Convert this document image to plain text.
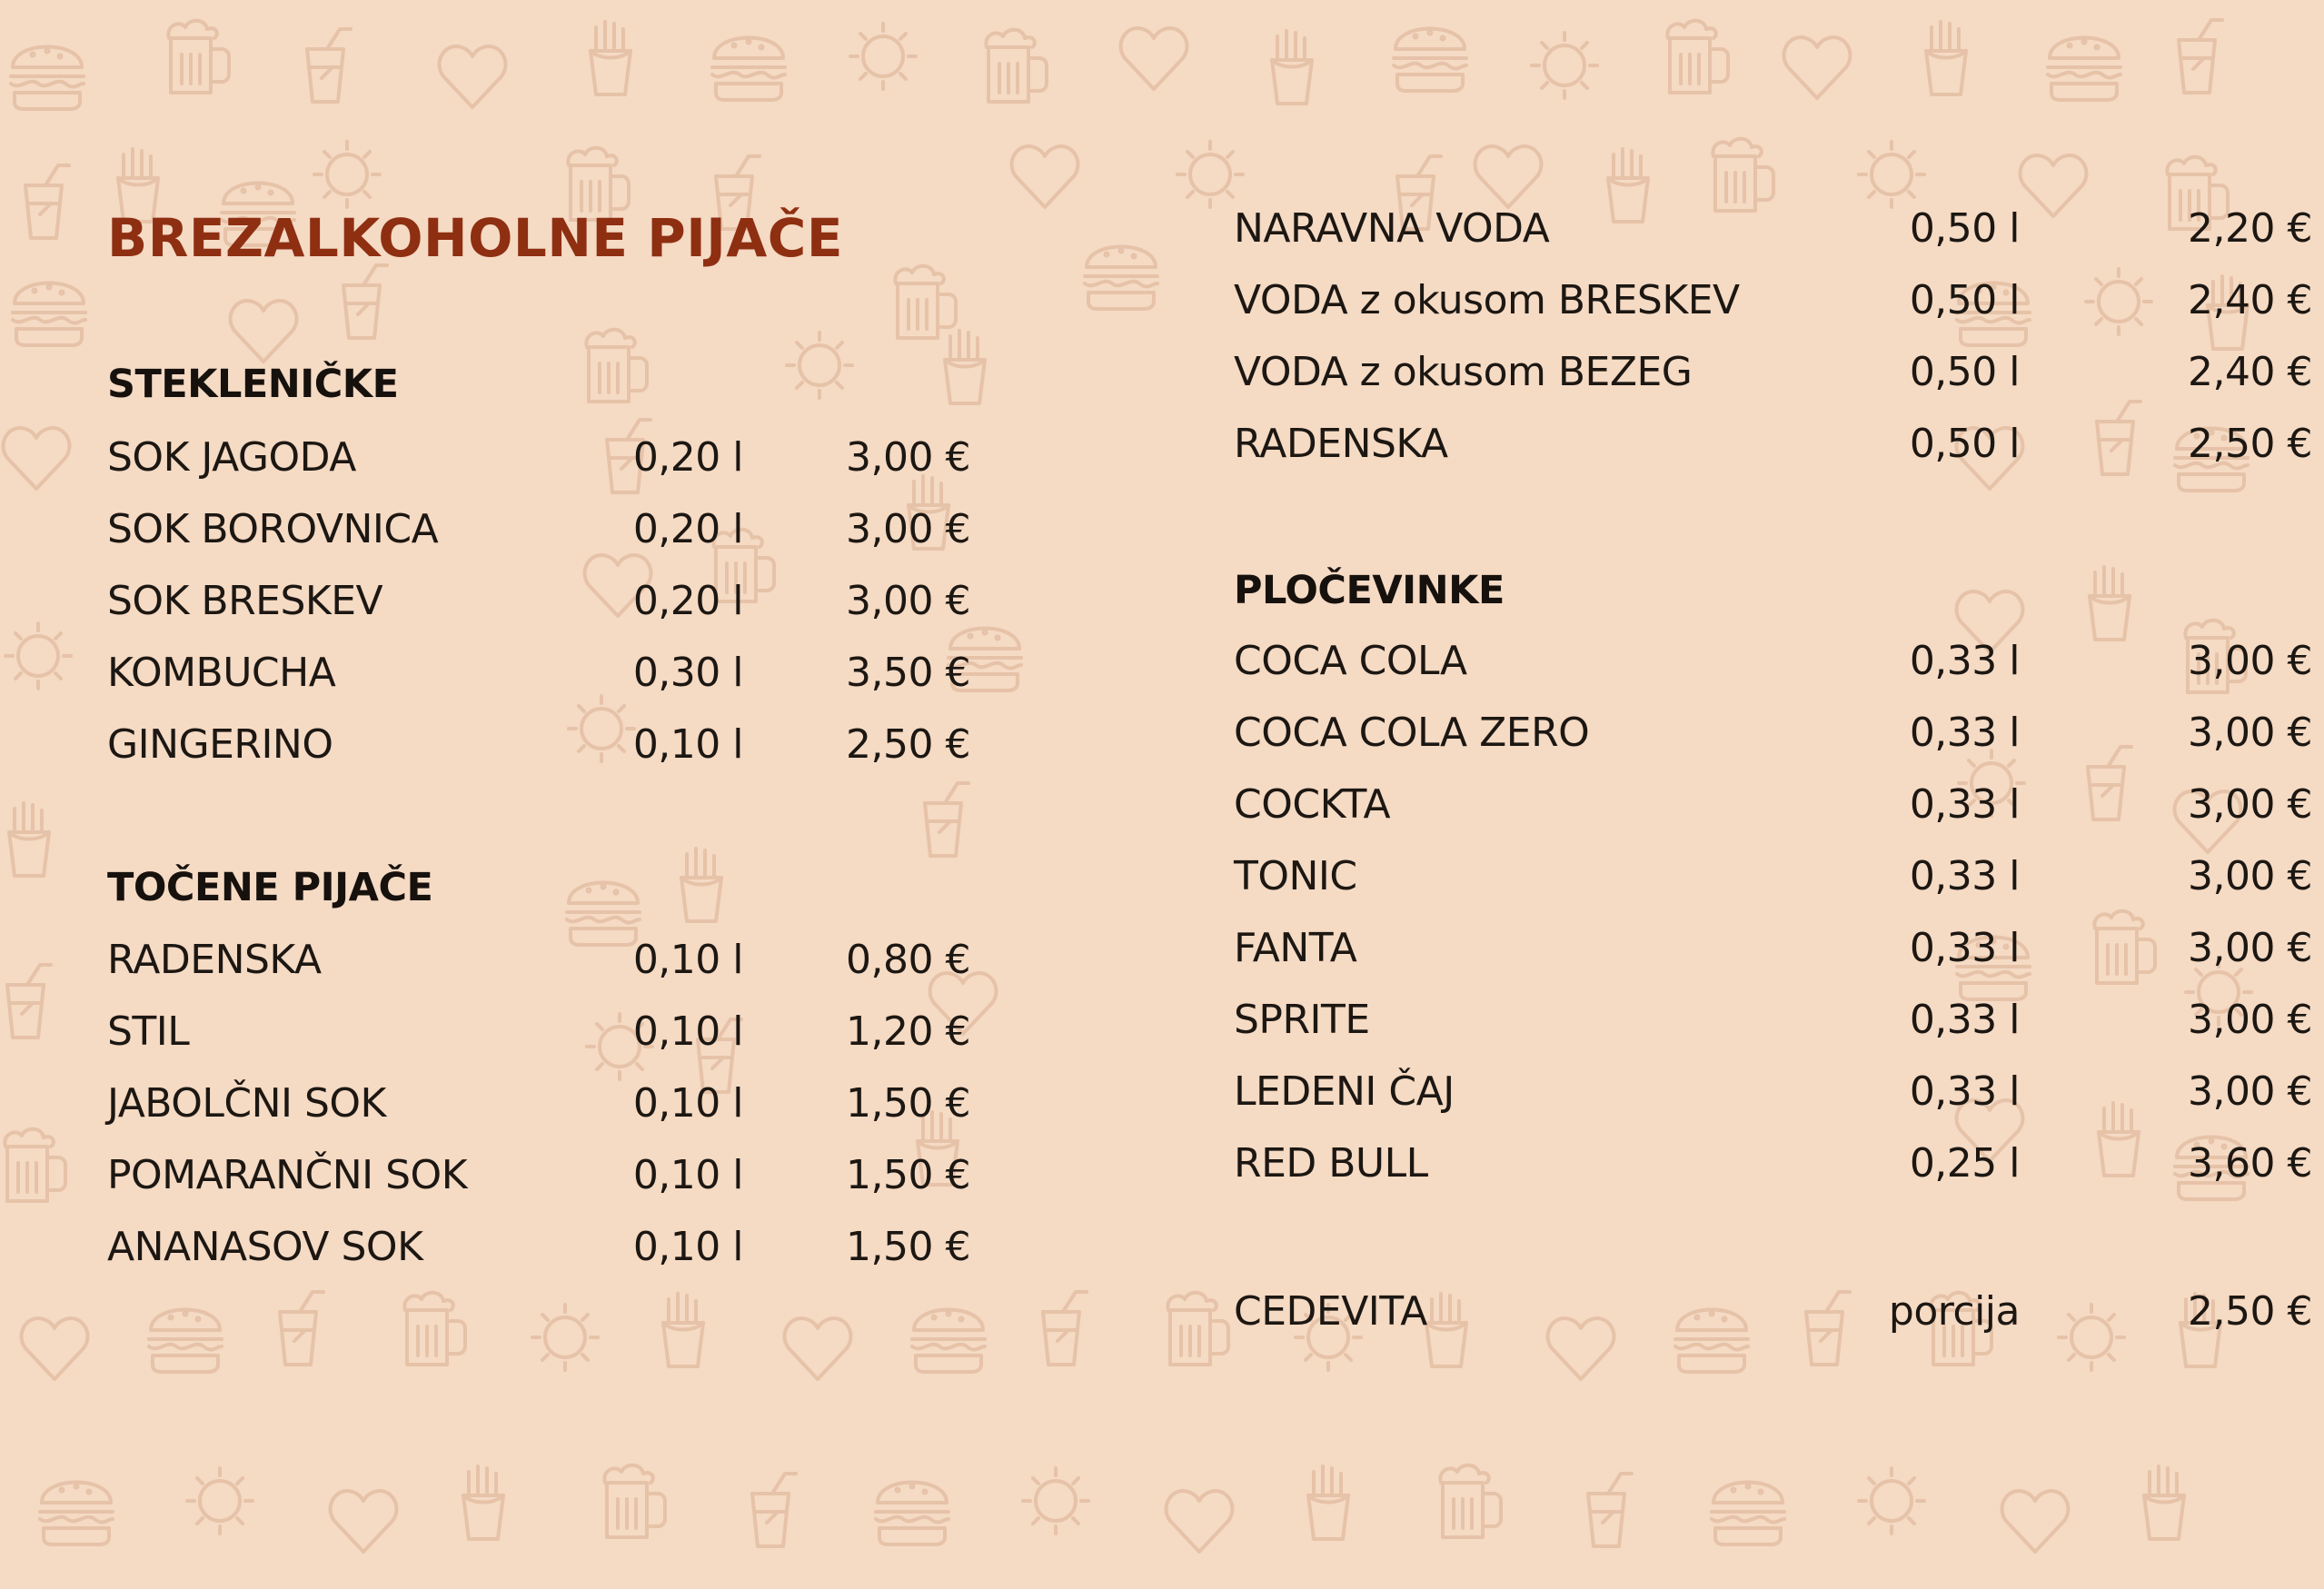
BREZALKOHOLNE PIJAČE
STEKLENIČKE
SOK JAGODA	0,20 l	3,00 €
SOK BOROVNICA	0,20 l	3,00 €
SOK BRESKEV	0,20 l	3,00 €
KOMBUCHA	0,30 l	3,50 €
GINGERINO	0,10 l	2,50 €
TOČENE PIJAČE
RADENSKA	0,10 l	0,80 €
STIL	0,10 l	1,20 €
JABOLČNI SOK	0,10 l	1,50 €
POMARANČNI SOK	0,10 l	1,50 €
ANANASOV SOK	0,10 l	1,50 €
NARAVNA VODA	0,50 l	2,20 €
VODA z okusom BRESKEV	0,50 l	2,40 €
VODA z okusom BEZEG	0,50 l	2,40 €
RADENSKA	0,50 l	2,50 €
PLOČEVINKE
COCA COLA	0,33 l	3,00 €
COCA COLA ZERO	0,33 l	3,00 €
COCKTA	0,33 l	3,00 €
TONIC	0,33 l	3,00 €
FANTA	0,33 l	3,00 €
SPRITE	0,33 l	3,00 €
LEDENI ČAJ	0,33 l	3,00 €
RED BULL	0,25 l	3,60 €
CEDEVITA	porcija	2,50 €
